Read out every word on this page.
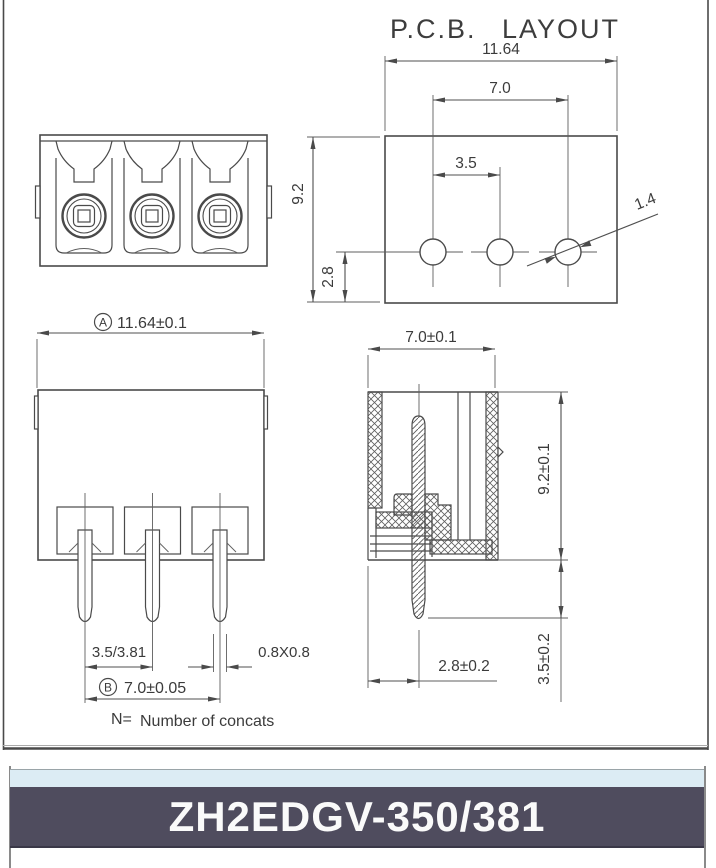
P.C.B. LAYOUT
11.64
7.0
3.5
9.2
2.8
1.4
A 11.64±0.1
3.5/3.81	0.8X0.8
B 7.0±0.05
N= Number of concats
7.0±0.1
9.2±0.1
3.5±0.2
2.8±0.2
ZH2EDGV-350/381
